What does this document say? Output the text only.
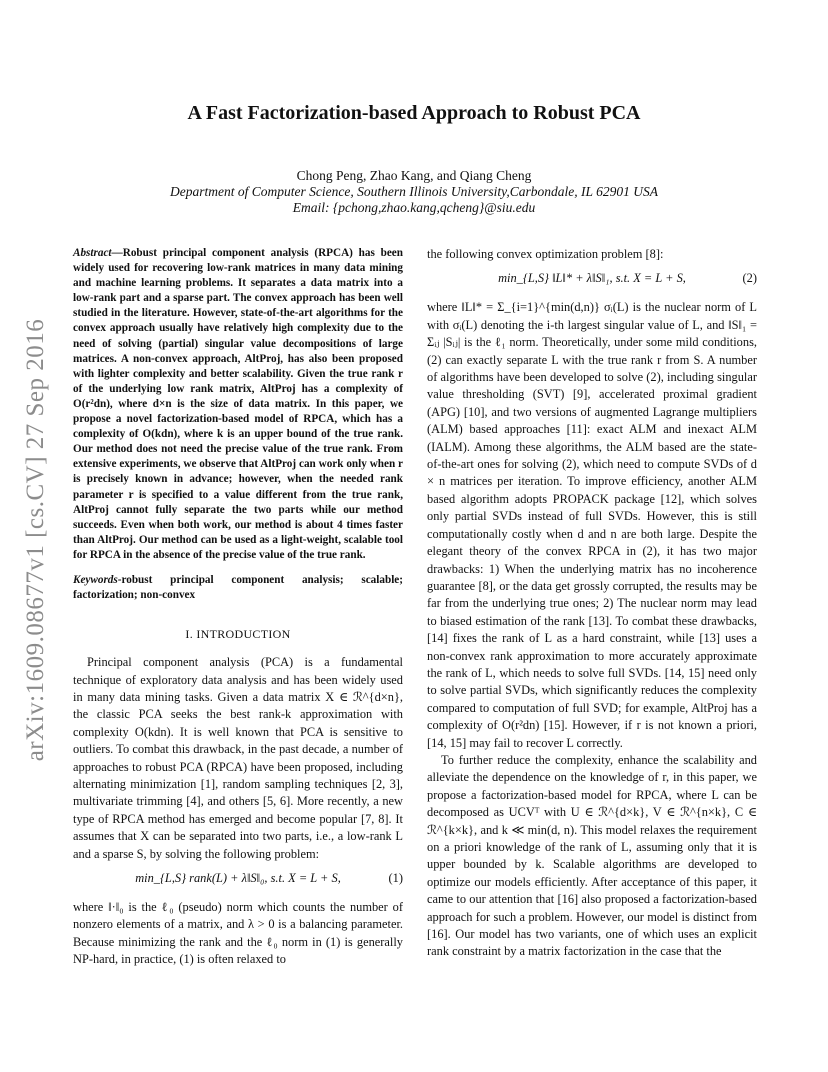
arXiv:1609.08677v1 [cs.CV] 27 Sep 2016
A Fast Factorization-based Approach to Robust PCA
Chong Peng, Zhao Kang, and Qiang Cheng
Department of Computer Science, Southern Illinois University,Carbondale, IL 62901 USA
Email: {pchong,zhao.kang,qcheng}@siu.edu

Abstract—Robust principal component analysis (RPCA) has been widely used for recovering low-rank matrices in many data mining and machine learning problems. It separates a data matrix into a low-rank part and a sparse part. The convex approach has been well studied in the literature. However, state-of-the-art algorithms for the convex approach usually have relatively high complexity due to the need of solving (partial) singular value decompositions of large matrices. A non-convex approach, AltProj, has also been proposed with lighter complexity and better scalability. Given the true rank r of the underlying low rank matrix, AltProj has a complexity of O(r²dn), where d×n is the size of data matrix. In this paper, we propose a novel factorization-based model of RPCA, which has a complexity of O(kdn), where k is an upper bound of the true rank. Our method does not need the precise value of the true rank. From extensive experiments, we observe that AltProj can work only when r is precisely known in advance; however, when the needed rank parameter r is specified to a value different from the true rank, AltProj cannot fully separate the two parts while our method succeeds. Even when both work, our method is about 4 times faster than AltProj. Our method can be used as a light-weight, scalable tool for RPCA in the absence of the precise value of the true rank.

Keywords-robust principal component analysis; scalable; factorization; non-convex

I. INTRODUCTION

Principal component analysis (PCA) is a fundamental technique of exploratory data analysis and has been widely used in many data mining tasks. Given a data matrix X ∈ ℛ^{d×n}, the classic PCA seeks the best rank-k approximation with complexity O(kdn). It is well known that PCA is sensitive to outliers. To combat this drawback, in the past decade, a number of approaches to robust PCA (RPCA) have been proposed, including alternating minimization [1], random sampling techniques [2, 3], multivariate trimming [4], and others [5, 6]. More recently, a new type of RPCA method has emerged and become popular [7, 8]. It assumes that X can be separated into two parts, i.e., a low-rank L and a sparse S, by solving the following problem:

min_{L,S} rank(L) + λ‖S‖₀, s.t. X = L + S,	(1)

where ‖·‖₀ is the ℓ₀ (pseudo) norm which counts the number of nonzero elements of a matrix, and λ > 0 is a balancing parameter. Because minimizing the rank and the ℓ₀ norm in (1) is generally NP-hard, in practice, (1) is often relaxed to

the following convex optimization problem [8]:

min_{L,S} ‖L‖* + λ‖S‖₁, s.t. X = L + S,	(2)

where ‖L‖* = Σ_{i=1}^{min(d,n)} σᵢ(L) is the nuclear norm of L with σᵢ(L) denoting the i-th largest singular value of L, and ‖S‖₁ = Σᵢⱼ |Sᵢⱼ| is the ℓ₁ norm. Theoretically, under some mild conditions, (2) can exactly separate L with the true rank r from S. A number of algorithms have been developed to solve (2), including singular value thresholding (SVT) [9], accelerated proximal gradient (APG) [10], and two versions of augmented Lagrange multipliers (ALM) based approaches [11]: exact ALM and inexact ALM (IALM). Among these algorithms, the ALM based are the state-of-the-art ones for solving (2), which need to compute SVDs of d × n matrices per iteration. To improve efficiency, another ALM based algorithm adopts PROPACK package [12], which solves only partial SVDs instead of full SVDs. However, this is still computationally costly when d and n are both large. Despite the elegant theory of the convex RPCA in (2), it has two major drawbacks: 1) When the underlying matrix has no incoherence guarantee [8], or the data get grossly corrupted, the results may be far from the underlying true ones; 2) The nuclear norm may lead to biased estimation of the rank [13]. To combat these drawbacks, [14] fixes the rank of L as a hard constraint, while [13] uses a non-convex rank approximation to more accurately approximate the rank of L, which needs to solve full SVDs. [14, 15] need only to solve partial SVDs, which significantly reduces the complexity compared to computation of full SVD; for example, AltProj has a complexity of O(r²dn) [15]. However, if r is not known a priori, [14, 15] may fail to recover L correctly.

To further reduce the complexity, enhance the scalability and alleviate the dependence on the knowledge of r, in this paper, we propose a factorization-based model for RPCA, where L can be decomposed as UCVᵀ with U ∈ ℛ^{d×k}, V ∈ ℛ^{n×k}, C ∈ ℛ^{k×k}, and k ≪ min(d, n). This model relaxes the requirement on a priori knowledge of the rank of L, assuming only that it is upper bounded by k. Scalable algorithms are developed to optimize our models efficiently. After acceptance of this paper, it came to our attention that [16] also proposed a factorization-based approach for such a problem. However, our model is distinct from [16]. Our model has two variants, one of which uses an explicit rank constraint by a matrix factorization in the case that the
